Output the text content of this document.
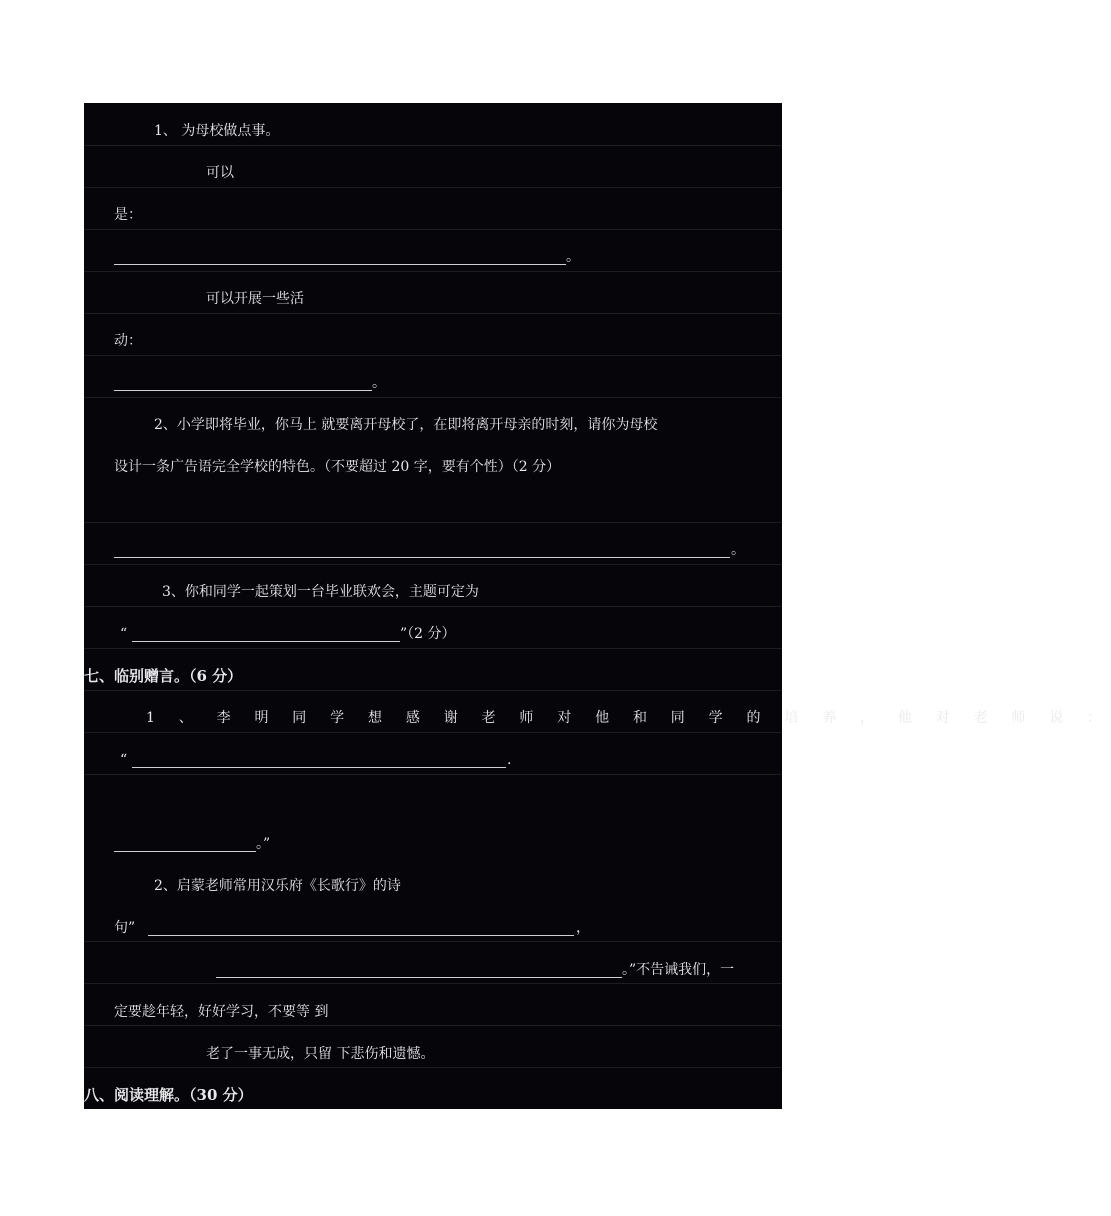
1、 为母校做点事。
可以
是：
。
可以开展一些活
动：
。
2、小学即将毕业，你马上 就要离开母校了，在即将离开母亲的时刻，请你为母校
设计一条广告语完全学校的特色。（不要超过 20 字，要有个性）（2 分）
。
3、你和同学一起策划一台毕业联欢会，主题可定为
“	”（2 分）
七、临别赠言。（6 分）
1 、 李 明 同 学 想 感 谢 老 师 对 他 和 同 学 的 培 养 ， 他 对 老 师 说 ：
“	.
。”
2、启蒙老师常用汉乐府《长歌行》的诗
句”	，
。”不告诫我们，一
定要趁年轻，好好学习，不要等 到
老了一事无成，只留 下悲伤和遗憾。
八、阅读理解。（30 分）
